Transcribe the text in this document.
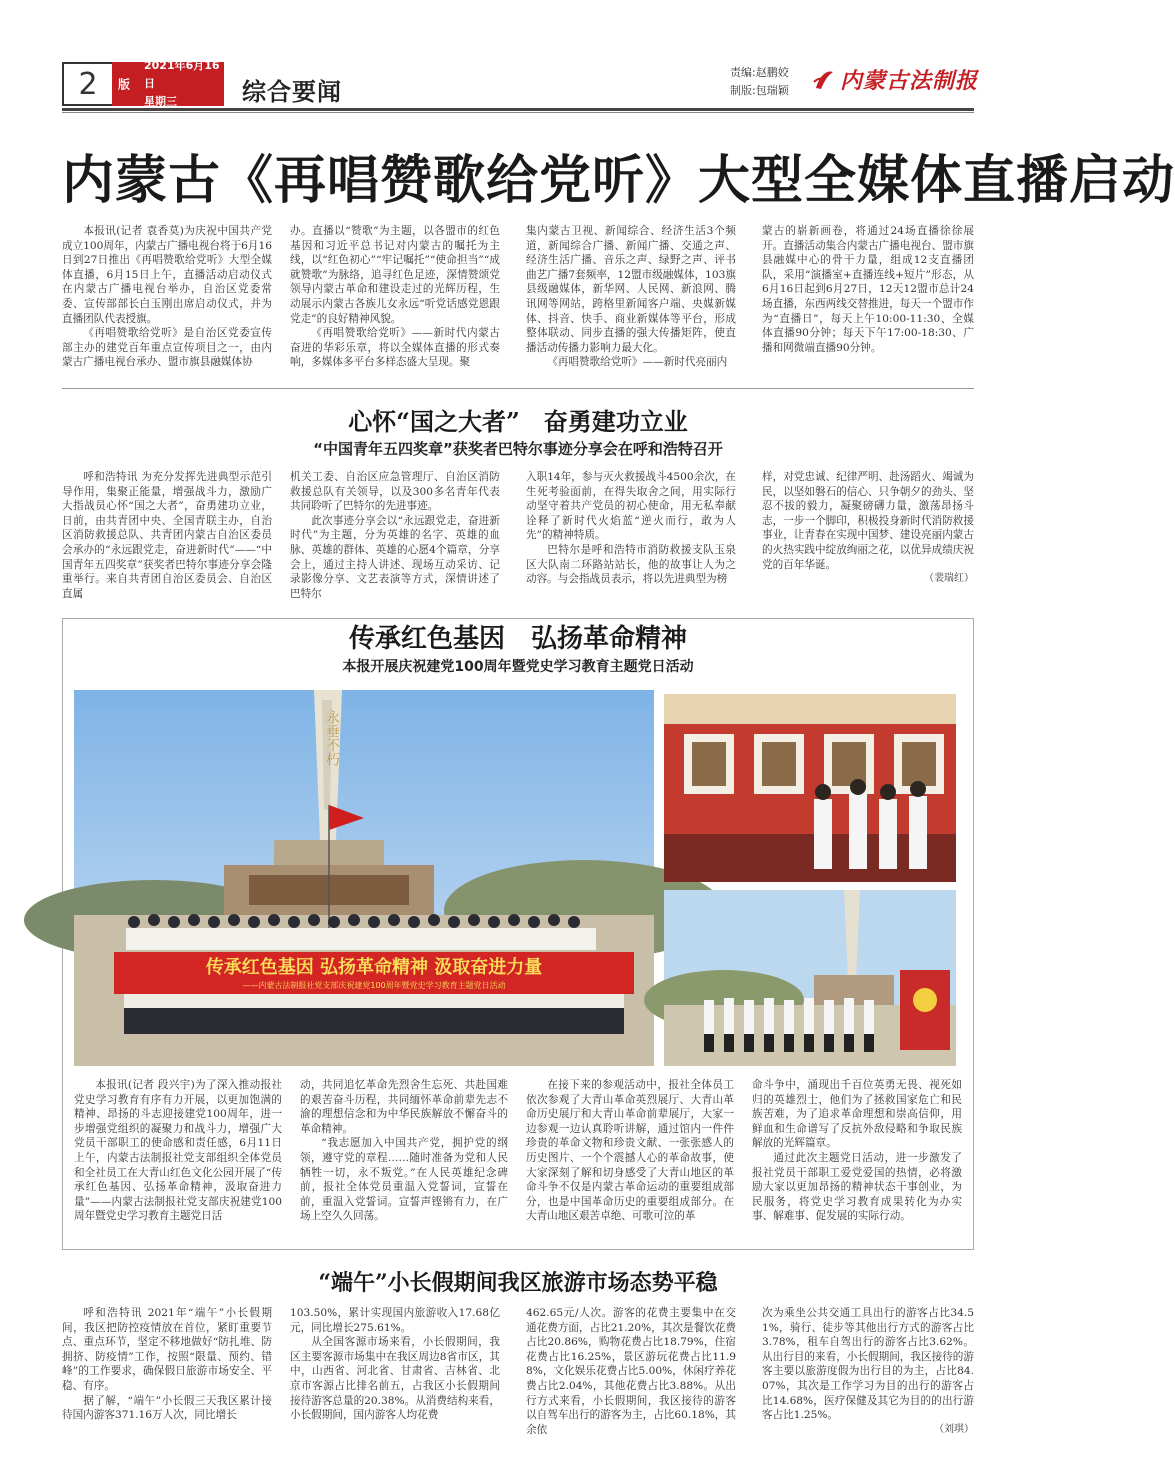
2	版
2021年6月16日
星期三	综合要闻
责编:赵鹏姣
制版:包瑞颖 内蒙古法制报
内蒙古《再唱赞歌给党听》大型全媒体直播启动

本报讯(记者 袁香莫)为庆祝中国共产党成立100周年，内蒙古广播电视台将于6月16日到27日推出《再唱赞歌给党听》大型全媒体直播，6月15日上午，直播活动启动仪式在内蒙古广播电视台举办，自治区党委常委、宣传部部长白玉刚出席启动仪式，并为直播团队代表授旗。

《再唱赞歌给党听》是自治区党委宣传部主办的建党百年重点宣传项目之一，由内蒙古广播电视台承办、盟市旗县融媒体协

办。直播以“赞歌”为主题，以各盟市的红色基因和习近平总书记对内蒙古的嘱托为主线，以“红色初心”“牢记嘱托”“使命担当”“成就赞歌”为脉络，追寻红色足迹，深情赞颂党领导内蒙古革命和建设走过的光辉历程，生动展示内蒙古各族儿女永远“听党话感党恩跟党走”的良好精神风貌。

《再唱赞歌给党听》——新时代内蒙古奋进的华彩乐章，将以全媒体直播的形式奏响，多媒体多平台多样态盛大呈现。聚

集内蒙古卫视、新闻综合、经济生活3个频道，新闻综合广播、新闻广播、交通之声、经济生活广播、音乐之声、绿野之声、评书曲艺广播7套频率，12盟市级融媒体，103旗县级融媒体，新华网、人民网、新浪网、腾讯网等网站，跨格里新闻客户端、央媒新媒体、抖音、快手、商业新媒体等平台，形成整体联动、同步直播的强大传播矩阵，使直播活动传播力影响力最大化。

《再唱赞歌给党听》——新时代亮丽内

蒙古的崭新画卷，将通过24场直播徐徐展开。直播活动集合内蒙古广播电视台、盟市旗县融媒中心的骨干力量，组成12支直播团队，采用“演播室+直播连线+短片”形态，从6月16日起到6月27日，12天12盟市总计24场直播，东西两线交替推进，每天一个盟市作为“直播日”，每天上午10:00-11:30、全媒体直播90分钟；每天下午17:00-18:30、广播和网微端直播90分钟。

心怀“国之大者”　奋勇建功立业
“中国青年五四奖章”获奖者巴特尔事迹分享会在呼和浩特召开

呼和浩特讯 为充分发挥先进典型示范引导作用，集聚正能量，增强战斗力，激励广大指战员心怀“国之大者”，奋勇建功立业，日前，由共青团中央、全国青联主办，自治区消防救援总队、共青团内蒙古自治区委员会承办的“永远跟党走，奋进新时代”——“中国青年五四奖章”获奖者巴特尔事迹分享会隆重举行。来自共青团自治区委员会、自治区直属

机关工委、自治区应急管理厅、自治区消防救援总队有关领导，以及300多名青年代表共同聆听了巴特尔的先进事迹。

此次事迹分享会以“永远跟党走，奋进新时代”为主题，分为英雄的名字、英雄的血脉、英雄的群体、英雄的心愿4个篇章，分享会上，通过主持人讲述、现场互动采访、记录影像分享、文艺表演等方式，深情讲述了巴特尔

入职14年，参与灭火救援战斗4500余次，在生死考验面前，在得失取舍之间，用实际行动坚守着共产党员的初心使命，用无私奉献诠释了新时代火焰蓝“逆火而行，敢为人先”的精神特质。

巴特尔是呼和浩特市消防救援支队玉泉区大队南二环路站站长，他的故事让人为之动容。与会指战员表示，将以先进典型为榜

样，对党忠诚、纪律严明、赴汤蹈火、竭诚为民，以坚如磐石的信心、只争朝夕的劲头、坚忍不拔的毅力，凝聚磅礴力量，激荡昂扬斗志，一步一个脚印，积极投身新时代消防救援事业，让青春在实现中国梦、建设亮丽内蒙古的火热实践中绽放绚丽之花，以优异成绩庆祝党的百年华诞。

（裴瑞红）
传承红色基因　弘扬革命精神
本报开展庆祝建党100周年暨党史学习教育主题党日活动
传承红色基因 弘扬革命精神 汲取奋进力量
——内蒙古法制报社党支部庆祝建党100周年暨党史学习教育主题党日活动
永垂不朽

本报讯(记者 段兴宇)为了深入推动报社党史学习教育有序有力开展，以更加饱满的精神、昂扬的斗志迎接建党100周年，进一步增强党组织的凝聚力和战斗力，增强广大党员干部职工的使命感和责任感，6月11日上午，内蒙古法制报社党支部组织全体党员和全社员工在大青山红色文化公园开展了“传承红色基因、弘扬革命精神，汲取奋进力量”——内蒙古法制报社党支部庆祝建党100周年暨党史学习教育主题党日活

动，共同追忆革命先烈舍生忘死、共赴国难的艰苦奋斗历程，共同缅怀革命前辈先志不渝的理想信念和为中华民族解放不懈奋斗的革命精神。

“我志愿加入中国共产党，拥护党的纲领，遵守党的章程……随时准备为党和人民牺牲一切，永不叛党。”在人民英雄纪念碑前，报社全体党员重温入党誓词，宣誓在前，重温入党誓词。宣誓声铿锵有力，在广场上空久久回荡。

在接下来的参观活动中，报社全体员工依次参观了大青山革命英烈展厅、大青山革命历史展厅和大青山革命前辈展厅，大家一边参观一边认真聆听讲解，通过馆内一件件珍贵的革命文物和珍贵文献、一张张感人的历史图片、一个个震撼人心的革命故事，使大家深刻了解和切身感受了大青山地区的革命斗争不仅是内蒙古革命运动的重要组成部分，也是中国革命历史的重要组成部分。在大青山地区艰苦卓绝、可歌可泣的革

命斗争中，涌现出千百位英勇无畏、视死如归的英雄烈士，他们为了拯救国家危亡和民族苦难，为了追求革命理想和崇高信仰，用鲜血和生命谱写了反抗外敌侵略和争取民族解放的光辉篇章。

通过此次主题党日活动，进一步激发了报社党员干部职工爱党爱国的热情，必将激励大家以更加昂扬的精神状态干事创业，为民服务，将党史学习教育成果转化为办实事、解难事、促发展的实际行动。

“端午”小长假期间我区旅游市场态势平稳

呼和浩特讯 2021年“端午”小长假期间，我区把防控疫情放在首位，紧盯重要节点、重点环节，坚定不移地做好“防扎堆、防拥挤、防疫情”工作，按照“限量、预约、错峰”的工作要求，确保假日旅游市场安全、平稳、有序。

据了解，“端午”小长假三天我区累计接待国内游客371.16万人次，同比增长

103.50%，累计实现国内旅游收入17.68亿元，同比增长275.61%。

从全国客源市场来看，小长假期间，我区主要客源市场集中在我区周边8省市区，其中，山西省、河北省、甘肃省、吉林省、北京市客源占比排名前五，占我区小长假期间接待游客总量的20.38%。从消费结构来看，小长假期间，国内游客人均花费

462.65元/人次。游客的花费主要集中在交通花费方面，占比21.20%，其次是餐饮花费占比20.86%，购物花费占比18.79%，住宿花费占比16.25%，景区游玩花费占比11.98%，文化娱乐花费占比5.00%，休闲疗养花费占比2.04%，其他花费占比3.88%。从出行方式来看，小长假期间，我区接待的游客以自驾车出行的游客为主，占比60.18%，其余依

次为乘坐公共交通工具出行的游客占比34.51%，骑行、徒步等其他出行方式的游客占比3.78%，租车自驾出行的游客占比3.62%。从出行目的来看，小长假期间，我区接待的游客主要以旅游度假为出行目的为主，占比84.07%，其次是工作学习为目的出行的游客占比14.68%，医疗保健及其它为目的的出行游客占比1.25%。

（刘琪）
